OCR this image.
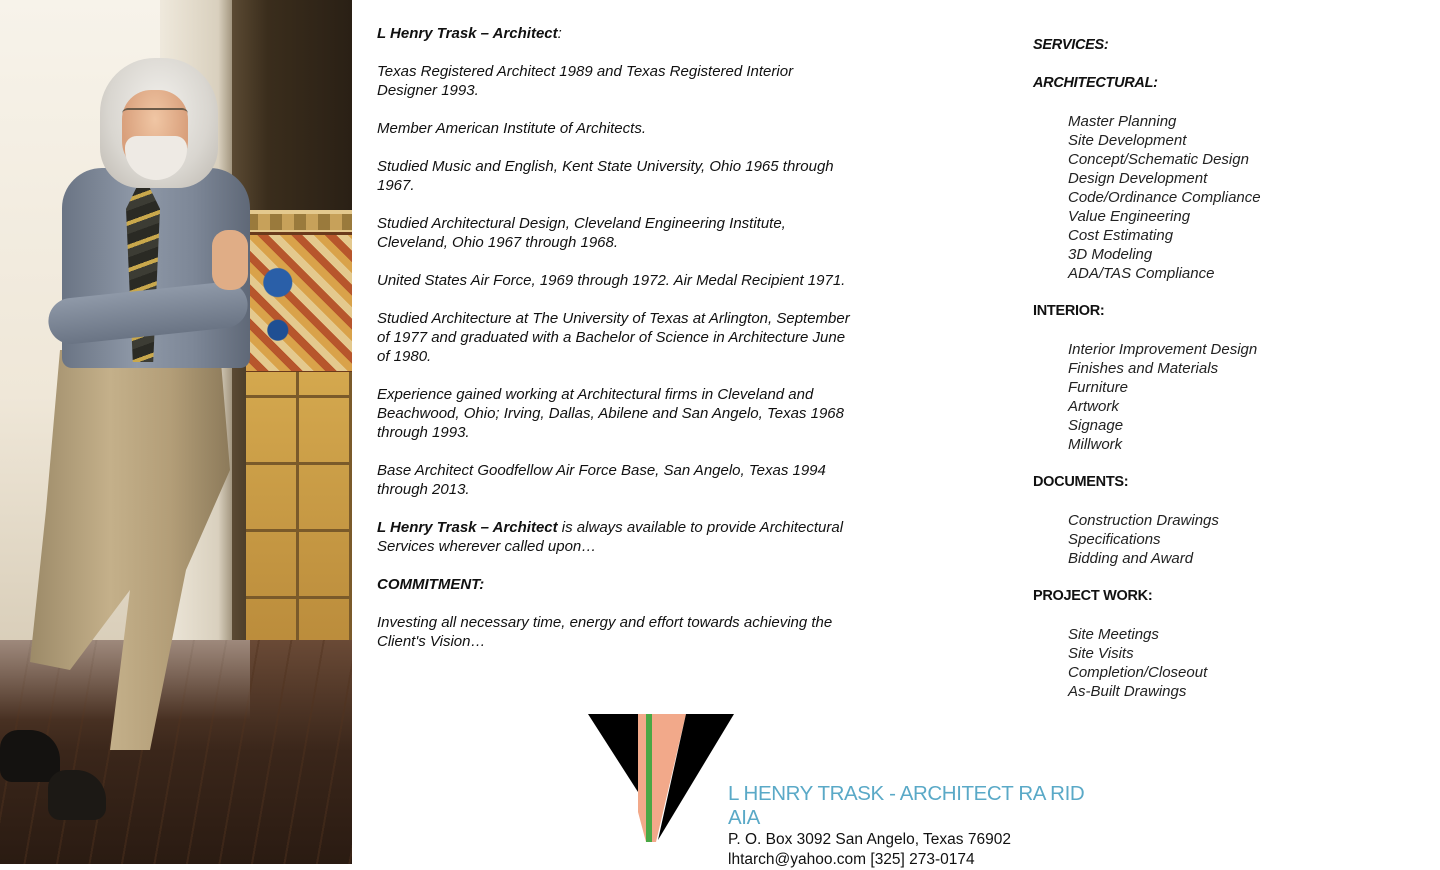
L Henry Trask – Architect:

Texas Registered Architect 1989 and Texas Registered Interior Designer 1993.

Member American Institute of Architects.

Studied Music and English, Kent State University, Ohio 1965 through 1967.

Studied Architectural Design, Cleveland Engineering Institute, Cleveland, Ohio 1967 through 1968.

United States Air Force, 1969 through 1972. Air Medal Recipient 1971.

Studied Architecture at The University of Texas at Arlington, September of 1977 and graduated with a Bachelor of Science in Architecture June of 1980.

Experience gained working at Architectural firms in Cleveland and Beachwood, Ohio; Irving, Dallas, Abilene and San Angelo, Texas 1968 through 1993.

Base Architect Goodfellow Air Force Base, San Angelo, Texas 1994 through 2013.

L Henry Trask – Architect is always available to provide Architectural Services wherever called upon…

COMMITMENT:

Investing all necessary time, energy and effort towards achieving the Client's Vision…

SERVICES:
ARCHITECTURAL:
Master Planning
Site Development
Concept/Schematic Design
Design Development
Code/Ordinance Compliance
Value Engineering
Cost Estimating
3D Modeling
ADA/TAS Compliance
INTERIOR:
Interior Improvement Design
Finishes and Materials
Furniture
Artwork
Signage
Millwork
DOCUMENTS:
Construction Drawings
Specifications
Bidding and Award
PROJECT WORK:
Site Meetings
Site Visits
Completion/Closeout
As-Built Drawings
L HENRY TRASK - ARCHITECT RA RID AIA
P. O. Box 3092 San Angelo, Texas 76902
lhtarch@yahoo.com [325] 273-0174
